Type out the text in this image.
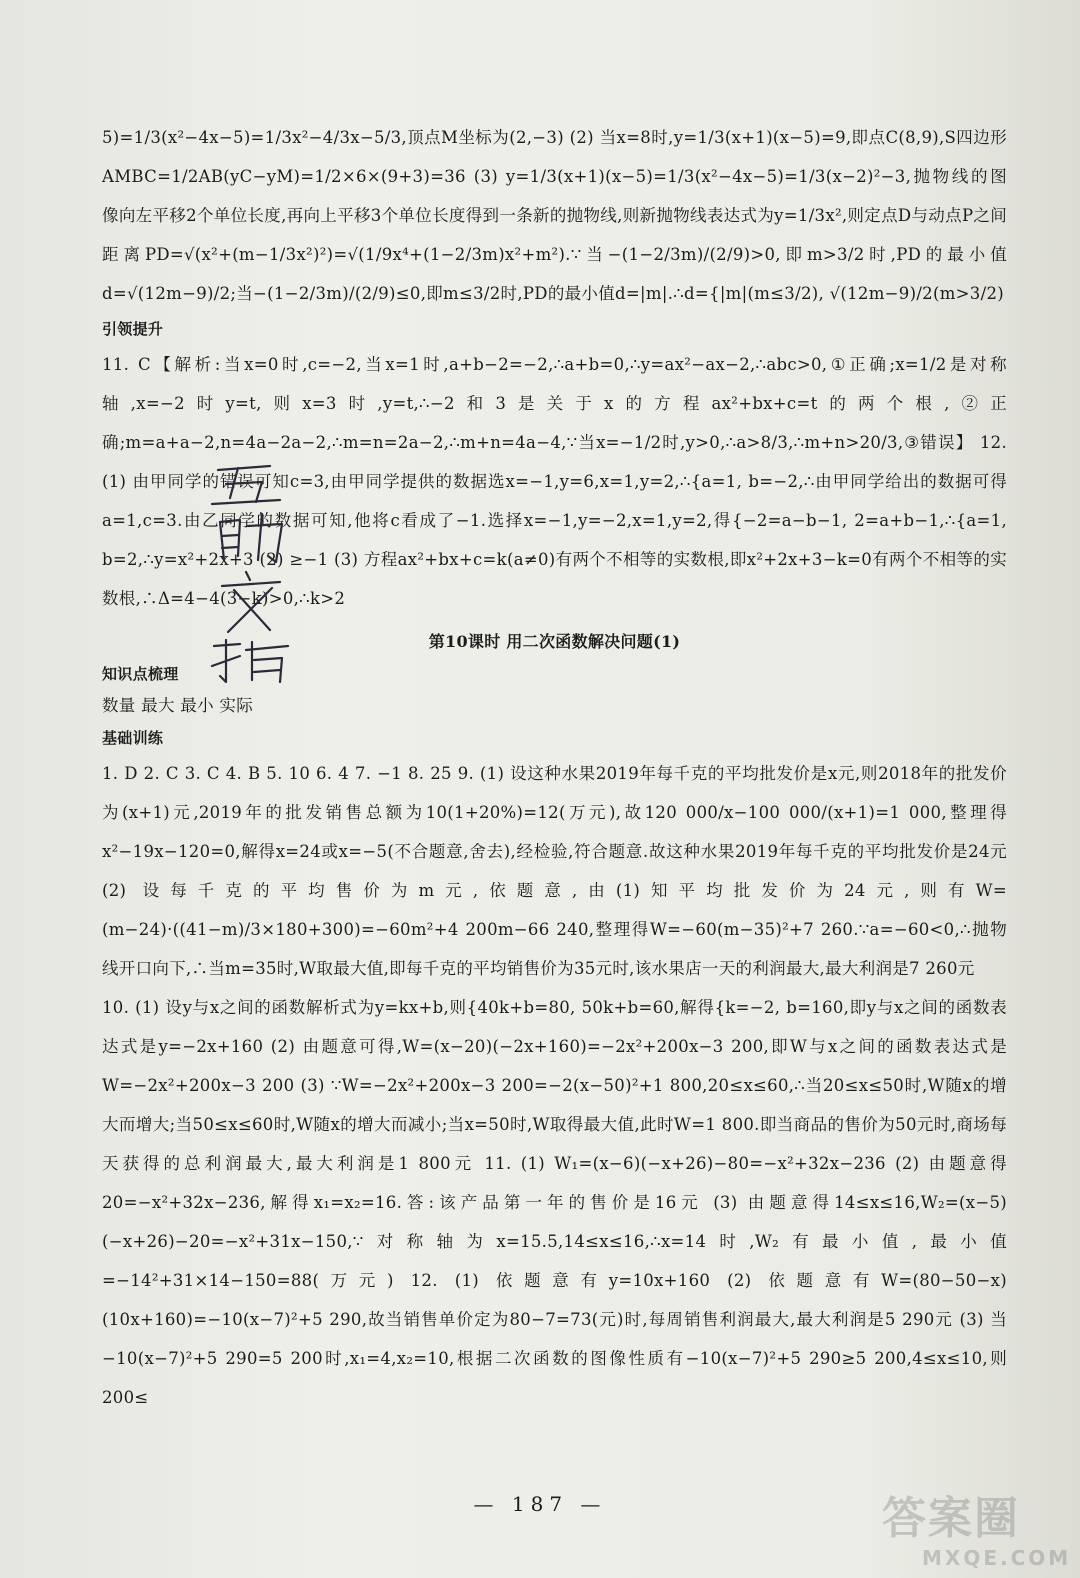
5)=1/3(x²−4x−5)=1/3x²−4/3x−5/3,顶点M坐标为(2,−3) (2) 当x=8时,y=1/3(x+1)(x−5)=9,即点C(8,9),S四边形AMBC=1/2AB(yC−yM)=1/2×6×(9+3)=36 (3) y=1/3(x+1)(x−5)=1/3(x²−4x−5)=1/3(x−2)²−3,抛物线的图像向左平移2个单位长度,再向上平移3个单位长度得到一条新的抛物线,则新抛物线表达式为y=1/3x²,则定点D与动点P之间距离PD=√(x²+(m−1/3x²)²)=√(1/9x⁴+(1−2/3m)x²+m²).∵当−(1−2/3m)/(2/9)>0,即m>3/2时,PD的最小值d=√(12m−9)/2;当−(1−2/3m)/(2/9)≤0,即m≤3/2时,PD的最小值d=|m|.∴d={|m|(m≤3/2), √(12m−9)/2(m>3/2)

引领提升

11. C【解析:当x=0时,c=−2,当x=1时,a+b−2=−2,∴a+b=0,∴y=ax²−ax−2,∴abc>0,①正确;x=1/2是对称轴,x=−2时y=t,则x=3时,y=t,∴−2和3是关于x的方程ax²+bx+c=t的两个根,②正确;m=a+a−2,n=4a−2a−2,∴m=n=2a−2,∴m+n=4a−4,∵当x=−1/2时,y>0,∴a>8/3,∴m+n>20/3,③错误】 12. (1) 由甲同学的错误可知c=3,由甲同学提供的数据选x=−1,y=6,x=1,y=2,∴{a=1, b=−2,∴由甲同学给出的数据可得a=1,c=3.由乙同学的数据可知,他将c看成了−1.选择x=−1,y=−2,x=1,y=2,得{−2=a−b−1, 2=a+b−1,∴{a=1, b=2,∴y=x²+2x+3 (2) ≥−1 (3) 方程ax²+bx+c=k(a≠0)有两个不相等的实数根,即x²+2x+3−k=0有两个不相等的实数根,∴Δ=4−4(3−k)>0,∴k>2

第10课时 用二次函数解决问题(1)

知识点梳理

数量 最大 最小 实际

基础训练

1. D 2. C 3. C 4. B 5. 10 6. 4 7. −1 8. 25 9. (1) 设这种水果2019年每千克的平均批发价是x元,则2018年的批发价为(x+1)元,2019年的批发销售总额为10(1+20%)=12(万元),故120 000/x−100 000/(x+1)=1 000,整理得x²−19x−120=0,解得x=24或x=−5(不合题意,舍去),经检验,符合题意.故这种水果2019年每千克的平均批发价是24元 (2) 设每千克的平均售价为m元,依题意,由(1)知平均批发价为24元,则有W=(m−24)·((41−m)/3×180+300)=−60m²+4 200m−66 240,整理得W=−60(m−35)²+7 260.∵a=−60<0,∴抛物线开口向下,∴当m=35时,W取最大值,即每千克的平均销售价为35元时,该水果店一天的利润最大,最大利润是7 260元

10. (1) 设y与x之间的函数解析式为y=kx+b,则{40k+b=80, 50k+b=60,解得{k=−2, b=160,即y与x之间的函数表达式是y=−2x+160 (2) 由题意可得,W=(x−20)(−2x+160)=−2x²+200x−3 200,即W与x之间的函数表达式是W=−2x²+200x−3 200 (3) ∵W=−2x²+200x−3 200=−2(x−50)²+1 800,20≤x≤60,∴当20≤x≤50时,W随x的增大而增大;当50≤x≤60时,W随x的增大而减小;当x=50时,W取得最大值,此时W=1 800.即当商品的售价为50元时,商场每天获得的总利润最大,最大利润是1 800元 11. (1) W₁=(x−6)(−x+26)−80=−x²+32x−236 (2) 由题意得20=−x²+32x−236,解得x₁=x₂=16.答:该产品第一年的售价是16元 (3) 由题意得14≤x≤16,W₂=(x−5)(−x+26)−20=−x²+31x−150,∵对称轴为x=15.5,14≤x≤16,∴x=14时,W₂有最小值,最小值=−14²+31×14−150=88(万元) 12. (1) 依题意有y=10x+160 (2) 依题意有W=(80−50−x)(10x+160)=−10(x−7)²+5 290,故当销售单价定为80−7=73(元)时,每周销售利润最大,最大利润是5 290元 (3) 当−10(x−7)²+5 290=5 200时,x₁=4,x₂=10,根据二次函数的图像性质有−10(x−7)²+5 290≥5 200,4≤x≤10,则200≤

— 187 —	答案圈
MXQE.COM
